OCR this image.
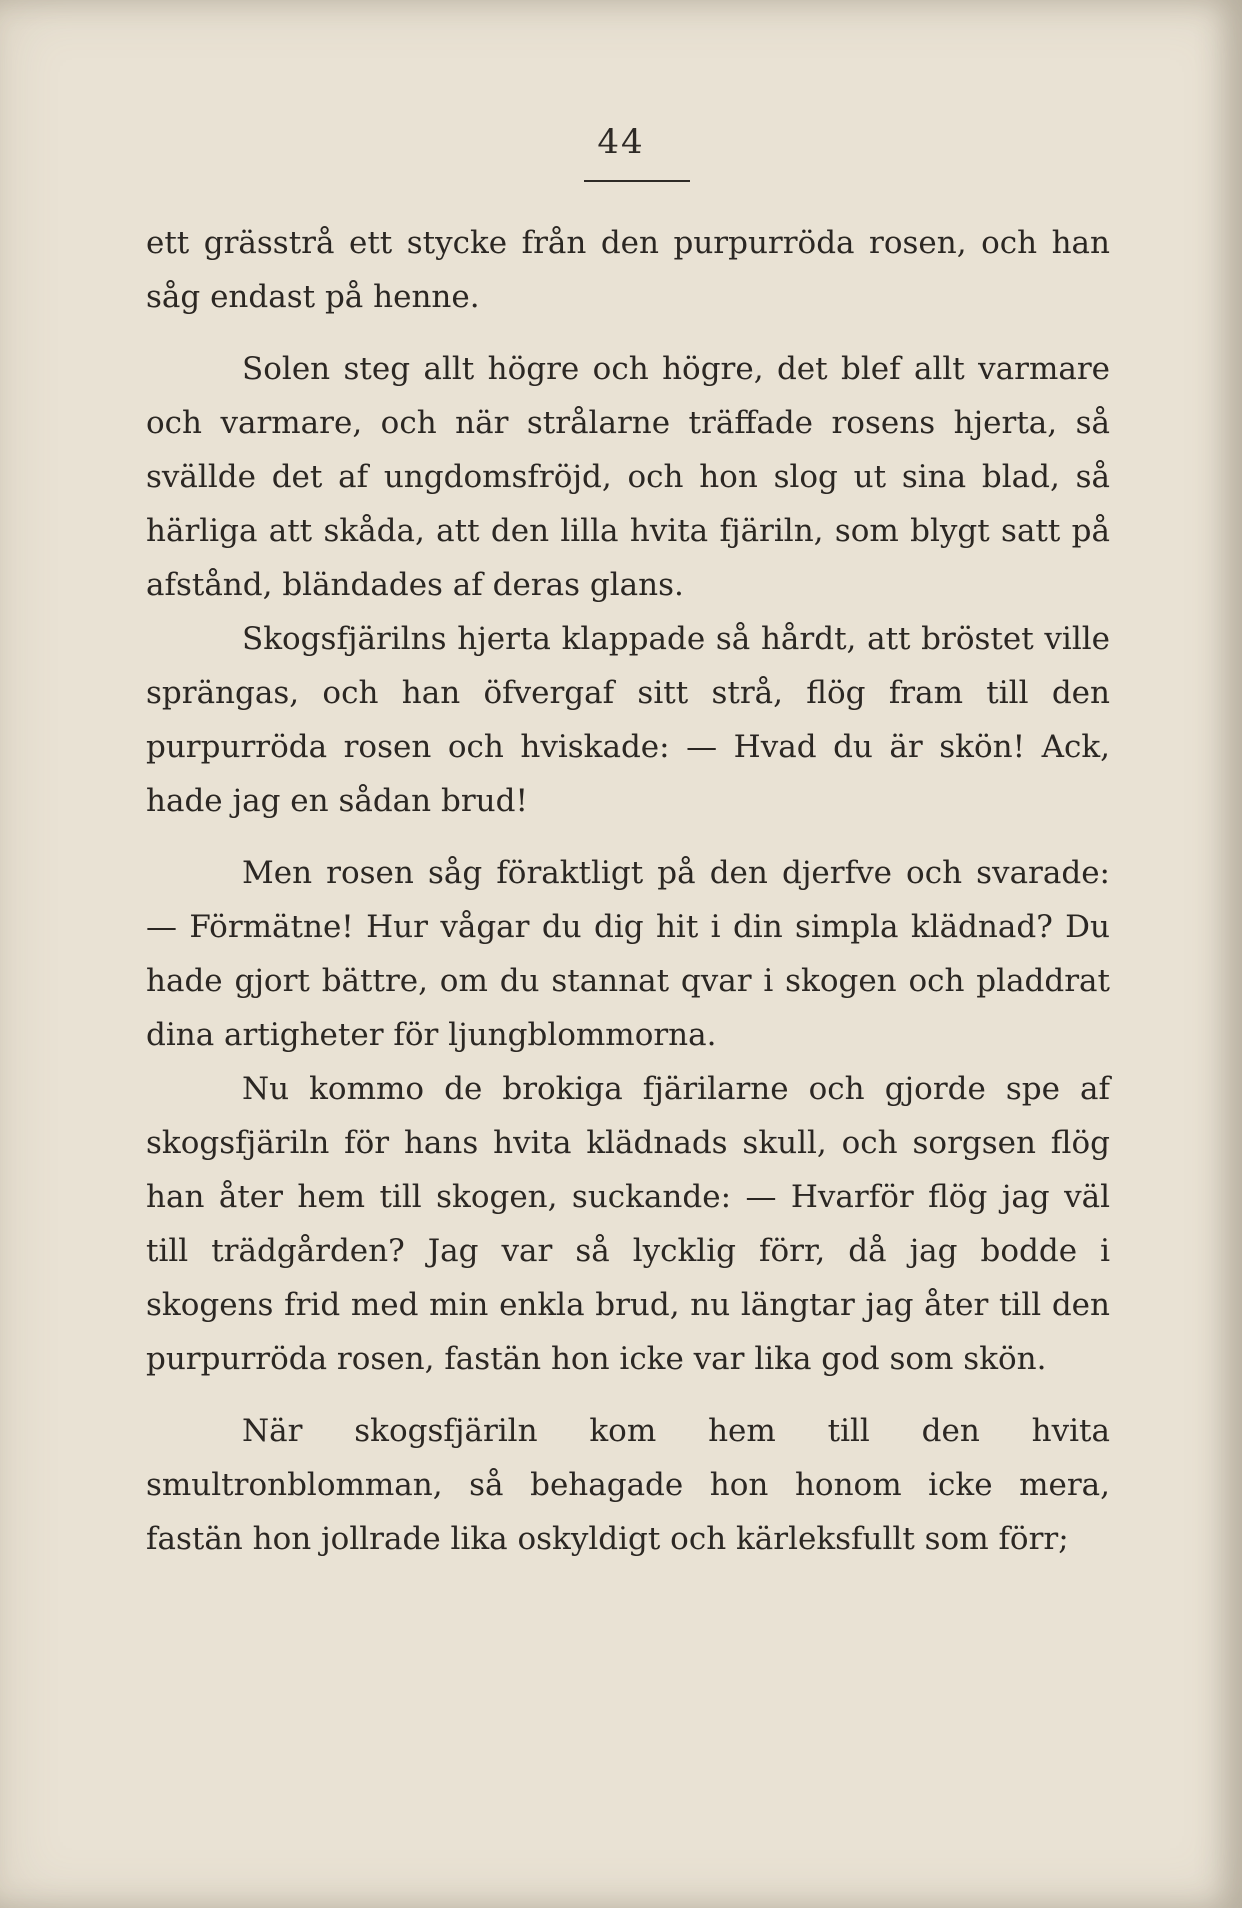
44

ett grässtrå ett stycke från den purpurröda rosen, och han såg endast på henne.

Solen steg allt högre och högre, det blef allt varmare och varmare, och när strålarne träffade rosens hjerta, så svällde det af ungdomsfröjd, och hon slog ut sina blad, så härliga att skåda, att den lilla hvita fjäriln, som blygt satt på afstånd, bländades af deras glans.

Skogsfjärilns hjerta klappade så hårdt, att bröstet ville sprängas, och han öfvergaf sitt strå, flög fram till den purpurröda rosen och hviskade: — Hvad du är skön! Ack, hade jag en sådan brud!

Men rosen såg föraktligt på den djerfve och svarade: — Förmätne! Hur vågar du dig hit i din simpla klädnad? Du hade gjort bättre, om du stannat qvar i skogen och pladdrat dina artigheter för ljungblommorna.

Nu kommo de brokiga fjärilarne och gjorde spe af skogsfjäriln för hans hvita klädnads skull, och sorgsen flög han åter hem till skogen, suckande: — Hvarför flög jag väl till trädgården? Jag var så lycklig förr, då jag bodde i skogens frid med min enkla brud, nu längtar jag åter till den purpurröda rosen, fastän hon icke var lika god som skön.

När skogsfjäriln kom hem till den hvita smultronblomman, så behagade hon honom icke mera, fastän hon jollrade lika oskyldigt och kärleksfullt som förr;
